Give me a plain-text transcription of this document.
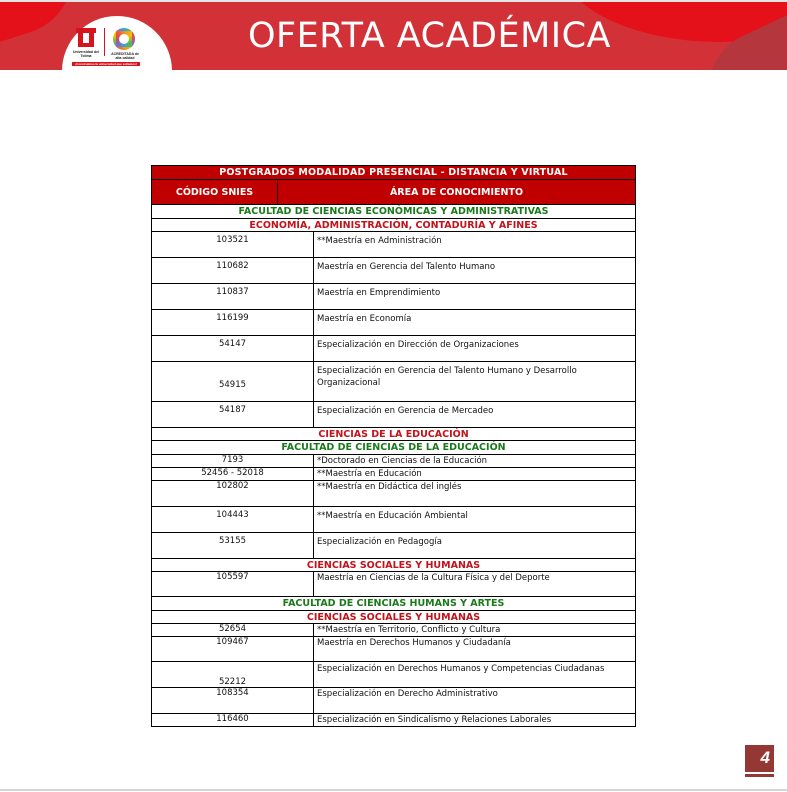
Universidad del Tolima	ACREDITADA de alta calidad
¡Construimos la universidad que soñamos!
OFERTA ACADÉMICA
POSTGRADOS MODALIDAD PRESENCIAL - DISTANCIA Y VIRTUAL		
CÓDIGO SNIES	ÁREA DE CONOCIMIENTO	
FACULTAD DE CIENCIAS ECONÓMICAS Y ADMINISTRATIVAS		
ECONOMÍA, ADMINISTRACIÓN, CONTADURÍA Y AFINES		
103521		**Maestría en Administración
110682		Maestría en Gerencia del Talento Humano
110837		Maestría en Emprendimiento
116199		Maestría en Economía
54147		Especialización en Dirección de Organizaciones
54915		Especialización en Gerencia del Talento Humano y Desarrollo Organizacional
54187		Especialización en Gerencia de Mercadeo
CIENCIAS DE LA EDUCACIÓN		
FACULTAD DE CIENCIAS DE LA EDUCACIÓN		
7193		*Doctorado en Ciencias de la Educación
52456 - 52018		**Maestría en Educación
102802		**Maestría en Didáctica del inglés
104443		**Maestría en Educación Ambiental
53155		Especialización en Pedagogía
CIENCIAS SOCIALES Y HUMANAS		
105597		Maestría en Ciencias de la Cultura Física y del Deporte
FACULTAD DE CIENCIAS HUMANS Y ARTES		
CIENCIAS SOCIALES Y HUMANAS		
52654		**Maestría en Territorio, Conflicto y Cultura
109467		Maestría en Derechos Humanos y Ciudadanía
52212		Especialización en Derechos Humanos y Competencias Ciudadanas
108354		Especialización en Derecho Administrativo
116460		Especialización en Sindicalismo y Relaciones Laborales
4
